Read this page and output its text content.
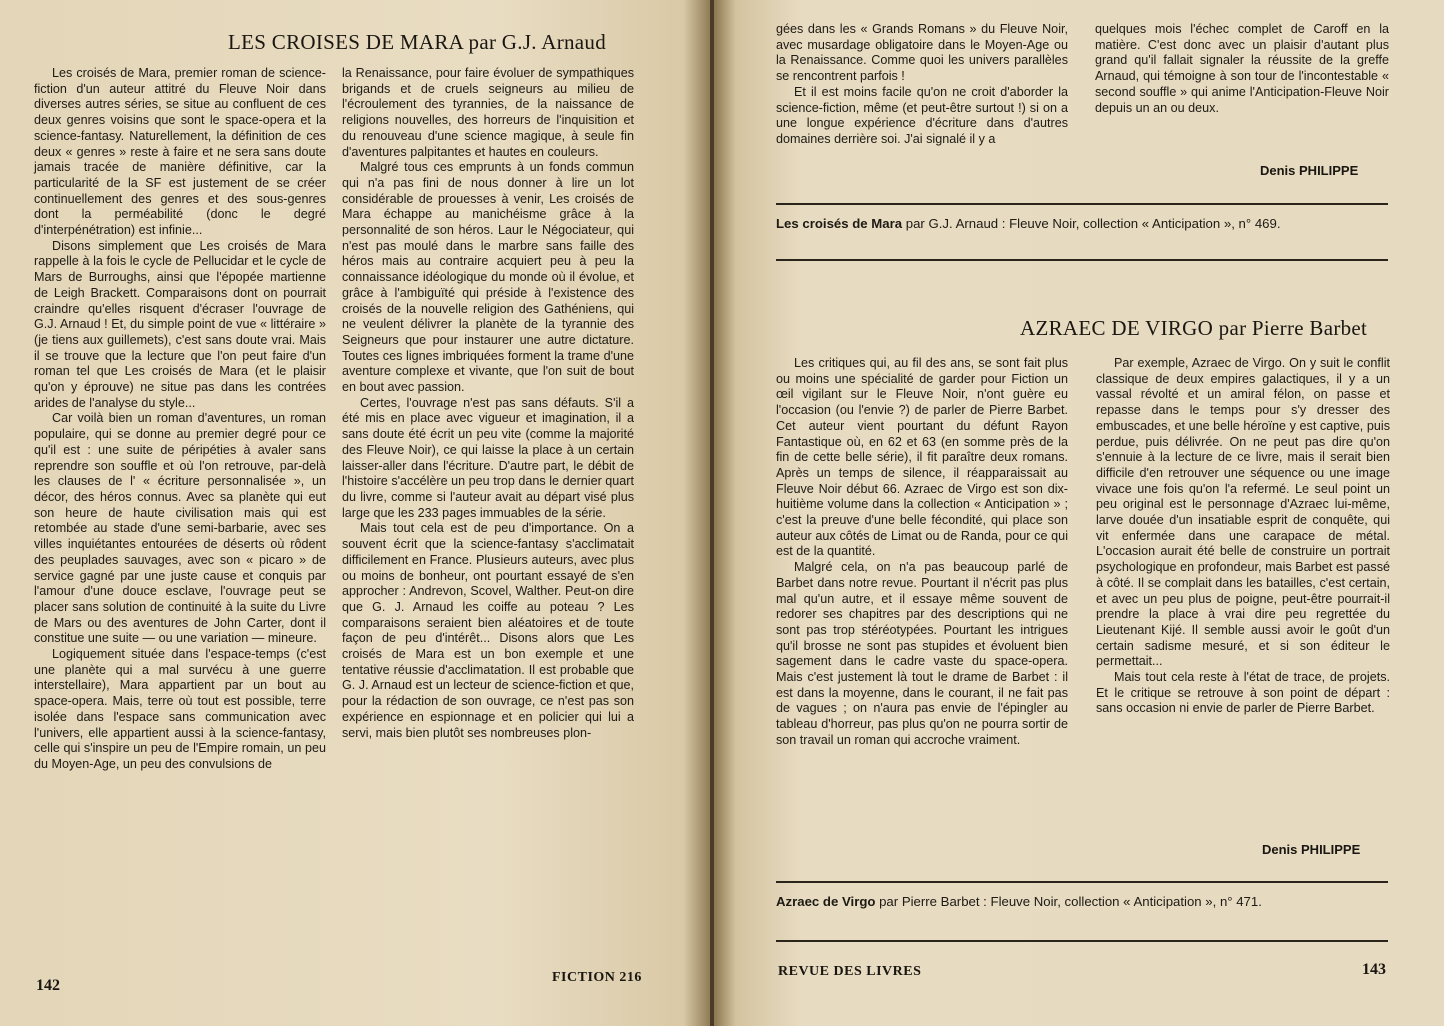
LES CROISES DE MARA par G.J. Arnaud

Les croisés de Mara, premier roman de science-fiction d'un auteur attitré du Fleuve Noir dans diverses autres séries, se situe au confluent de ces deux genres voisins que sont le space-opera et la science-fantasy. Naturellement, la définition de ces deux « genres » reste à faire et ne sera sans doute jamais tracée de manière définitive, car la particularité de la SF est justement de se créer continuellement des genres et des sous-genres dont la perméabilité (donc le degré d'interpénétration) est infinie...

Disons simplement que Les croisés de Mara rappelle à la fois le cycle de Pellucidar et le cycle de Mars de Burroughs, ainsi que l'épopée martienne de Leigh Brackett. Comparaisons dont on pourrait craindre qu'elles risquent d'écraser l'ouvrage de G.J. Arnaud ! Et, du simple point de vue « littéraire » (je tiens aux guillemets), c'est sans doute vrai. Mais il se trouve que la lecture que l'on peut faire d'un roman tel que Les croisés de Mara (et le plaisir qu'on y éprouve) ne situe pas dans les contrées arides de l'analyse du style...

Car voilà bien un roman d'aventures, un roman populaire, qui se donne au premier degré pour ce qu'il est : une suite de péripéties à avaler sans reprendre son souffle et où l'on retrouve, par-delà les clauses de l' « écriture personnalisée », un décor, des héros connus. Avec sa planète qui eut son heure de haute civilisation mais qui est retombée au stade d'une semi-barbarie, avec ses villes inquiétantes entourées de déserts où rôdent des peuplades sauvages, avec son « picaro » de service gagné par une juste cause et conquis par l'amour d'une douce esclave, l'ouvrage peut se placer sans solution de continuité à la suite du Livre de Mars ou des aventures de John Carter, dont il constitue une suite — ou une variation — mineure.

Logiquement située dans l'espace-temps (c'est une planète qui a mal survécu à une guerre interstellaire), Mara appartient par un bout au space-opera. Mais, terre où tout est possible, terre isolée dans l'espace sans communication avec l'univers, elle appartient aussi à la science-fantasy, celle qui s'inspire un peu de l'Empire romain, un peu du Moyen-Age, un peu des convulsions de

la Renaissance, pour faire évoluer de sympathiques brigands et de cruels seigneurs au milieu de l'écroulement des tyrannies, de la naissance de religions nouvelles, des horreurs de l'inquisition et du renouveau d'une science magique, à seule fin d'aventures palpitantes et hautes en couleurs.

Malgré tous ces emprunts à un fonds commun qui n'a pas fini de nous donner à lire un lot considérable de prouesses à venir, Les croisés de Mara échappe au manichéisme grâce à la personnalité de son héros. Laur le Négociateur, qui n'est pas moulé dans le marbre sans faille des héros mais au contraire acquiert peu à peu la connaissance idéologique du monde où il évolue, et grâce à l'ambiguïté qui préside à l'existence des croisés de la nouvelle religion des Gathéniens, qui ne veulent délivrer la planète de la tyrannie des Seigneurs que pour instaurer une autre dictature. Toutes ces lignes imbriquées forment la trame d'une aventure complexe et vivante, que l'on suit de bout en bout avec passion.

Certes, l'ouvrage n'est pas sans défauts. S'il a été mis en place avec vigueur et imagination, il a sans doute été écrit un peu vite (comme la majorité des Fleuve Noir), ce qui laisse la place à un certain laisser-aller dans l'écriture. D'autre part, le débit de l'histoire s'accélère un peu trop dans le dernier quart du livre, comme si l'auteur avait au départ visé plus large que les 233 pages immuables de la série.

Mais tout cela est de peu d'importance. On a souvent écrit que la science-fantasy s'acclimatait difficilement en France. Plusieurs auteurs, avec plus ou moins de bonheur, ont pourtant essayé de s'en approcher : Andrevon, Scovel, Walther. Peut-on dire que G. J. Arnaud les coiffe au poteau ? Les comparaisons seraient bien aléatoires et de toute façon de peu d'intérêt... Disons alors que Les croisés de Mara est un bon exemple et une tentative réussie d'acclimatation. Il est probable que G. J. Arnaud est un lecteur de science-fiction et que, pour la rédaction de son ouvrage, ce n'est pas son expérience en espionnage et en policier qui lui a servi, mais bien plutôt ses nombreuses plon-

142	FICTION 216

gées dans les « Grands Romans » du Fleuve Noir, avec musardage obligatoire dans le Moyen-Age ou la Renaissance. Comme quoi les univers parallèles se rencontrent parfois !

Et il est moins facile qu'on ne croit d'aborder la science-fiction, même (et peut-être surtout !) si on a une longue expérience d'écriture dans d'autres domaines derrière soi. J'ai signalé il y a

quelques mois l'échec complet de Caroff en la matière. C'est donc avec un plaisir d'autant plus grand qu'il fallait signaler la réussite de la greffe Arnaud, qui témoigne à son tour de l'incontestable « second souffle » qui anime l'Anticipation-Fleuve Noir depuis un an ou deux.

Denis PHILIPPE
Les croisés de Mara par G.J. Arnaud : Fleuve Noir, collection « Anticipation », n° 469.
AZRAEC DE VIRGO par Pierre Barbet

Les critiques qui, au fil des ans, se sont fait plus ou moins une spécialité de garder pour Fiction un œil vigilant sur le Fleuve Noir, n'ont guère eu l'occasion (ou l'envie ?) de parler de Pierre Barbet. Cet auteur vient pourtant du défunt Rayon Fantastique où, en 62 et 63 (en somme près de la fin de cette belle série), il fit paraître deux romans. Après un temps de silence, il réapparaissait au Fleuve Noir début 66. Azraec de Virgo est son dix-huitième volume dans la collection « Anticipation » ; c'est la preuve d'une belle fécondité, qui place son auteur aux côtés de Limat ou de Randa, pour ce qui est de la quantité.

Malgré cela, on n'a pas beaucoup parlé de Barbet dans notre revue. Pourtant il n'écrit pas plus mal qu'un autre, et il essaye même souvent de redorer ses chapitres par des descriptions qui ne sont pas trop stéréotypées. Pourtant les intrigues qu'il brosse ne sont pas stupides et évoluent bien sagement dans le cadre vaste du space-opera. Mais c'est justement là tout le drame de Barbet : il est dans la moyenne, dans le courant, il ne fait pas de vagues ; on n'aura pas envie de l'épingler au tableau d'horreur, pas plus qu'on ne pourra sortir de son travail un roman qui accroche vraiment.

Par exemple, Azraec de Virgo. On y suit le conflit classique de deux empires galactiques, il y a un vassal révolté et un amiral félon, on passe et repasse dans le temps pour s'y dresser des embuscades, et une belle héroïne y est captive, puis perdue, puis délivrée. On ne peut pas dire qu'on s'ennuie à la lecture de ce livre, mais il serait bien difficile d'en retrouver une séquence ou une image vivace une fois qu'on l'a refermé. Le seul point un peu original est le personnage d'Azraec lui-même, larve douée d'un insatiable esprit de conquête, qui vit enfermée dans une carapace de métal. L'occasion aurait été belle de construire un portrait psychologique en profondeur, mais Barbet est passé à côté. Il se complait dans les batailles, c'est certain, et avec un peu plus de poigne, peut-être pourrait-il prendre la place à vrai dire peu regrettée du Lieutenant Kijé. Il semble aussi avoir le goût d'un certain sadisme mesuré, et si son éditeur le permettait...

Mais tout cela reste à l'état de trace, de projets. Et le critique se retrouve à son point de départ : sans occasion ni envie de parler de Pierre Barbet.

Denis PHILIPPE
Azraec de Virgo par Pierre Barbet : Fleuve Noir, collection « Anticipation », n° 471.
REVUE DES LIVRES	143
